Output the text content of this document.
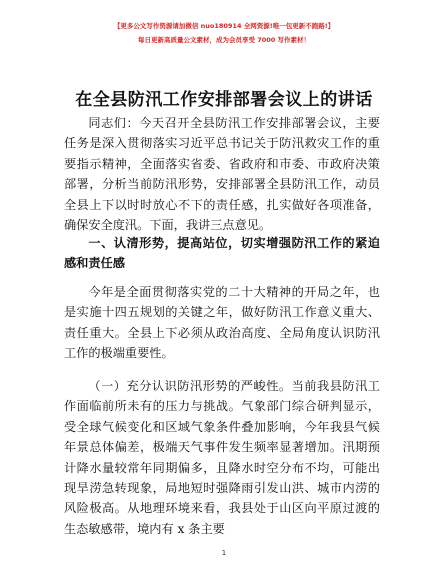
【更多公文写作资源请加微信 nuo180914 全网资源!唯一包更新不跑路!】
每日更新高质量公文素材，成为会员享受 7000 写作素材！
在全县防汛工作安排部署会议上的讲话

同志们：今天召开全县防汛工作安排部署会议，主要任务是深入贯彻落实习近平总书记关于防汛救灾工作的重要指示精神，全面落实省委、省政府和市委、市政府决策部署，分析当前防汛形势，安排部署全县防汛工作，动员全县上下以时时放心不下的责任感，扎实做好各项准备，确保安全度汛。下面，我讲三点意见。

一、认清形势，提高站位，切实增强防汛工作的紧迫感和责任感

今年是全面贯彻落实党的二十大精神的开局之年，也是实施十四五规划的关键之年，做好防汛工作意义重大、责任重大。全县上下必须从政治高度、全局角度认识防汛工作的极端重要性。

（一）充分认识防汛形势的严峻性。当前我县防汛工作面临前所未有的压力与挑战。气象部门综合研判显示，受全球气候变化和区域气象条件叠加影响，今年我县气候年景总体偏差，极端天气事件发生频率显著增加。汛期预计降水量较常年同期偏多，且降水时空分布不均，可能出现旱涝急转现象，局地短时强降雨引发山洪、城市内涝的风险极高。从地理环境来看，我县处于山区向平原过渡的生态敏感带，境内有 x 条主要

1
